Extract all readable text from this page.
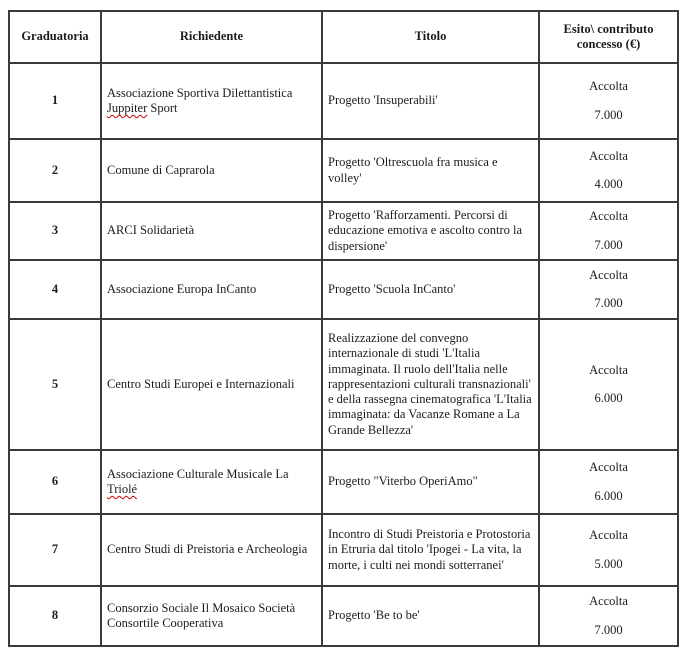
Graduatoria	Richiedente	Titolo	Esito\ contributo concesso (€)
1	Associazione Sportiva Dilettantistica Juppiter Sport	Progetto 'Insuperabili'	Accolta
7.000

2	Comune di Caprarola	Progetto 'Oltrescuola fra musica e volley'	Accolta
4.000

3	ARCI Solidarietà	Progetto 'Rafforzamenti. Percorsi di educazione emotiva e ascolto contro la dispersione'	Accolta
7.000

4	Associazione Europa InCanto	Progetto 'Scuola InCanto'	Accolta
7.000

5	Centro Studi Europei e Internazionali	Realizzazione del convegno internazionale di studi 'L'Italia immaginata. Il ruolo dell'Italia nelle rappresentazioni culturali transnazionali' e della rassegna cinematografica 'L'Italia immaginata: da Vacanze Romane a La Grande Bellezza'	Accolta
6.000

6	Associazione Culturale Musicale La Triolé	Progetto "Viterbo OperiAmo"	Accolta
6.000

7	Centro Studi di Preistoria e Archeologia	Incontro di Studi Preistoria e Protostoria in Etruria dal titolo 'Ipogei - La vita, la morte, i culti nei mondi sotterranei'	Accolta
5.000

8	Consorzio Sociale Il Mosaico Società Consortile Cooperativa	Progetto 'Be to be'	Accolta
7.000
